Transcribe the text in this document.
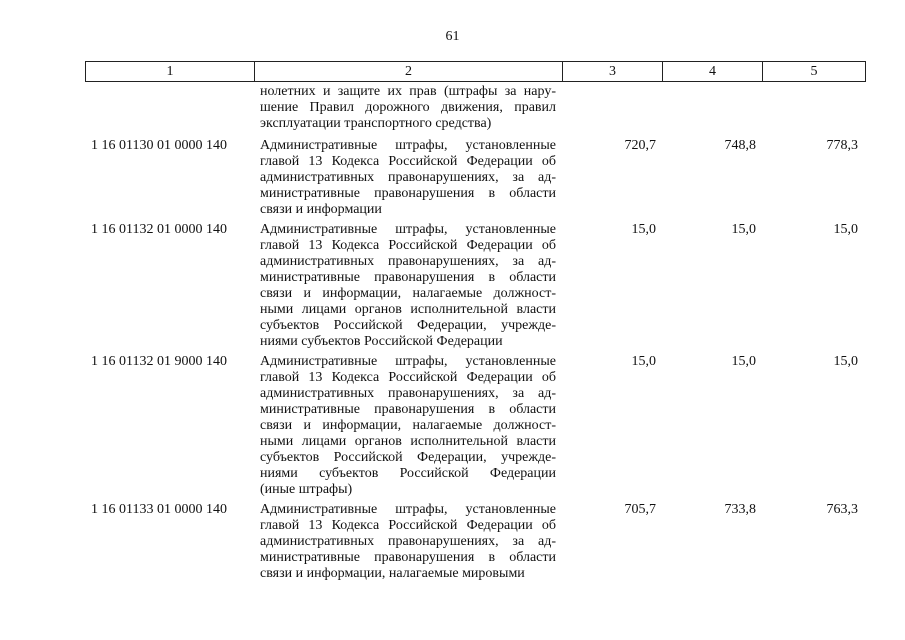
61
1	2	3	4	5
нолетних и защите их прав (штрафы за нару-
шение Правил дорожного движения, правил
эксплуатации транспортного средства)
1 16 01130 01 0000 140	Административные штрафы, установленные
главой 13 Кодекса Российской Федерации об
административных правонарушениях, за ад-
министративные правонарушения в области
связи и информации
720,7	748,8	778,3
1 16 01132 01 0000 140	Административные штрафы, установленные
главой 13 Кодекса Российской Федерации об
административных правонарушениях, за ад-
министративные правонарушения в области
связи и информации, налагаемые должност-
ными лицами органов исполнительной власти
субъектов Российской Федерации, учрежде-
ниями субъектов Российской Федерации
15,0	15,0	15,0
1 16 01132 01 9000 140	Административные штрафы, установленные
главой 13 Кодекса Российской Федерации об
административных правонарушениях, за ад-
министративные правонарушения в области
связи и информации, налагаемые должност-
ными лицами органов исполнительной власти
субъектов Российской Федерации, учрежде-
ниями субъектов Российской Федерации
(иные штрафы)
15,0	15,0	15,0
1 16 01133 01 0000 140	Административные штрафы, установленные
главой 13 Кодекса Российской Федерации об
административных правонарушениях, за ад-
министративные правонарушения в области
связи и информации, налагаемые мировыми
705,7	733,8	763,3
